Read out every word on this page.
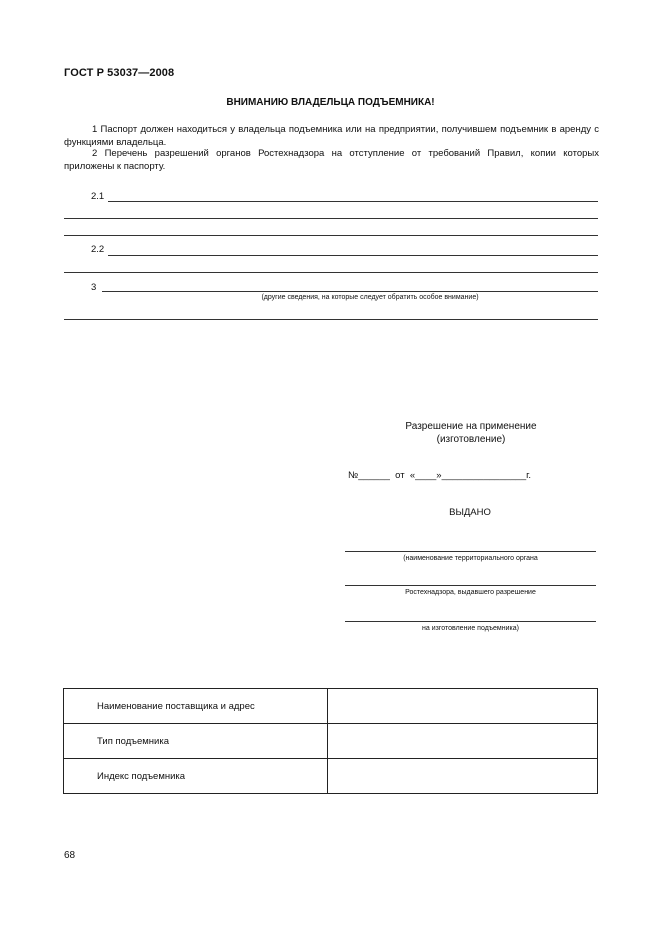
ГОСТ Р 53037—2008
ВНИМАНИЮ ВЛАДЕЛЬЦА ПОДЪЕМНИКА!
1 Паспорт должен находиться у владельца подъемника или на предприятии, получившем подъемник в аренду с функциями владельца.
2 Перечень разрешений органов Ростехнадзора на отступление от требований Правил, копии которых приложены к паспорту.
2.1
2.2
3
(другие сведения, на которые следует обратить особое внимание)
Разрешение на применение
(изготовление)
№______  от  «____»________________г.
ВЫДАНО
(наименование территориального органа
Ростехнадзора, выдавшего разрешение
на изготовление подъемника)
Наименование поставщика и адрес	
Тип подъемника	
Индекс подъемника	
68
